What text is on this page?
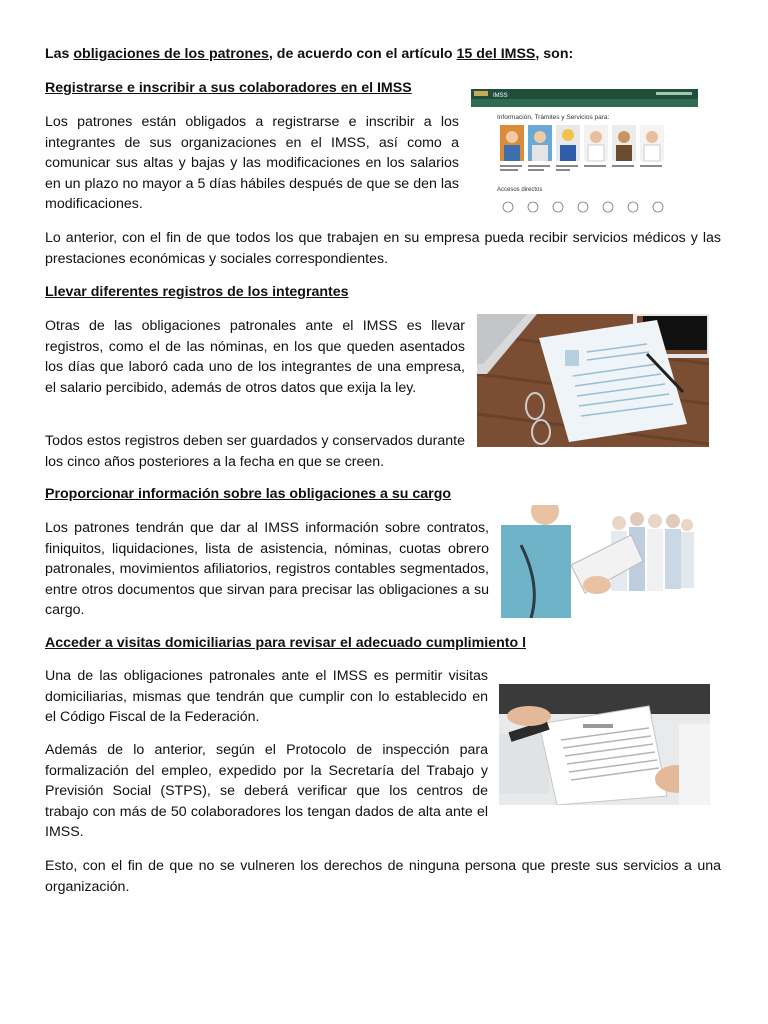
Las obligaciones de los patrones, de acuerdo con el artículo 15 del IMSS, son:

Registrarse e inscribir a sus colaboradores en el IMSS

Los patrones están obligados a registrarse e inscribir a los integrantes de sus organizaciones en el IMSS, así como a comunicar sus altas y bajas y las modificaciones en los salarios en un plazo no mayor a 5 días hábiles después de que se den las modificaciones.

Lo anterior, con el fin de que todos los que trabajen en su empresa pueda recibir servicios médicos y las prestaciones económicas y sociales correspondientes.

IMSS
Información, Trámites y Servicios para:
Accesos directos

Llevar diferentes registros de los integrantes

Otras de las obligaciones patronales ante el IMSS es llevar registros, como el de las nóminas, en los que queden asentados los días que laboró cada uno de los integrantes de una empresa, el salario percibido, además de otros datos que exija la ley.

Todos estos registros deben ser guardados y conservados durante los cinco años posteriores a la fecha en que se creen.

Proporcionar información sobre las obligaciones a su cargo

Los patrones tendrán que dar al IMSS información sobre contratos, finiquitos, liquidaciones, lista de asistencia, nóminas, cuotas obrero patronales, movimientos afiliatorios, registros contables segmentados, entre otros documentos que sirvan para precisar las obligaciones a su cargo.

Acceder a visitas domiciliarias para revisar el adecuado cumplimiento l

Una de las obligaciones patronales ante el IMSS es permitir visitas domiciliarias, mismas que tendrán que cumplir con lo establecido en el Código Fiscal de la Federación.

Además de lo anterior, según el Protocolo de inspección para formalización del empleo, expedido por la Secretaría del Trabajo y Previsión Social (STPS), se deberá verificar que los centros de trabajo con más de 50 colaboradores los tengan dados de alta ante el IMSS.

Esto, con el fin de que no se vulneren los derechos de ninguna persona que preste sus servicios a una organización.
